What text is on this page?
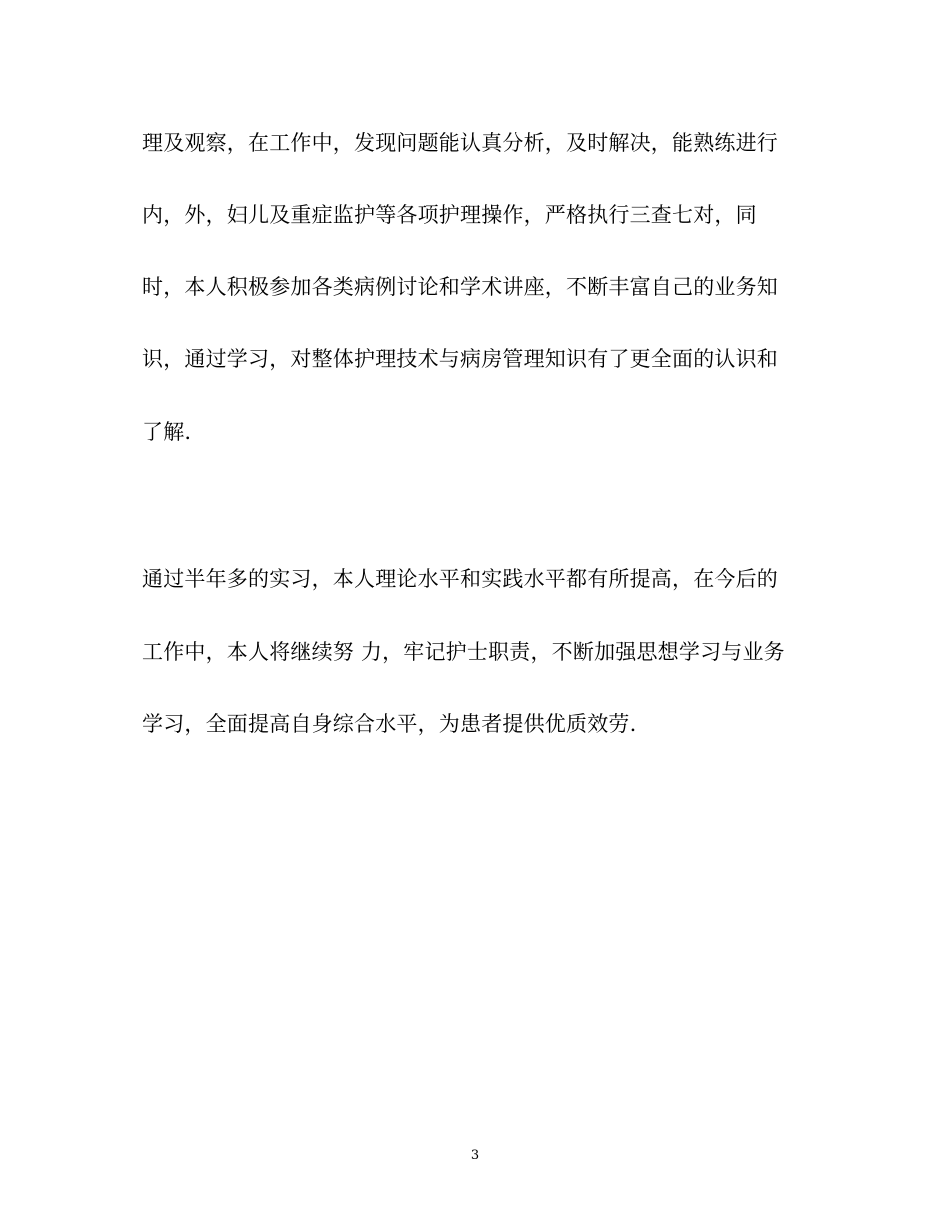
理及观察，在工作中，发现问题能认真分析，及时解决，能熟练进行
内，外，妇儿及重症监护等各项护理操作，严格执行三查七对，同
时，本人积极参加各类病例讨论和学术讲座，不断丰富自己的业务知
识，通过学习，对整体护理技术与病房管理知识有了更全面的认识和
了解.
通过半年多的实习，本人理论水平和实践水平都有所提高，在今后的
工作中，本人将继续努 力，牢记护士职责，不断加强思想学习与业务
学习，全面提高自身综合水平，为患者提供优质效劳.
3
